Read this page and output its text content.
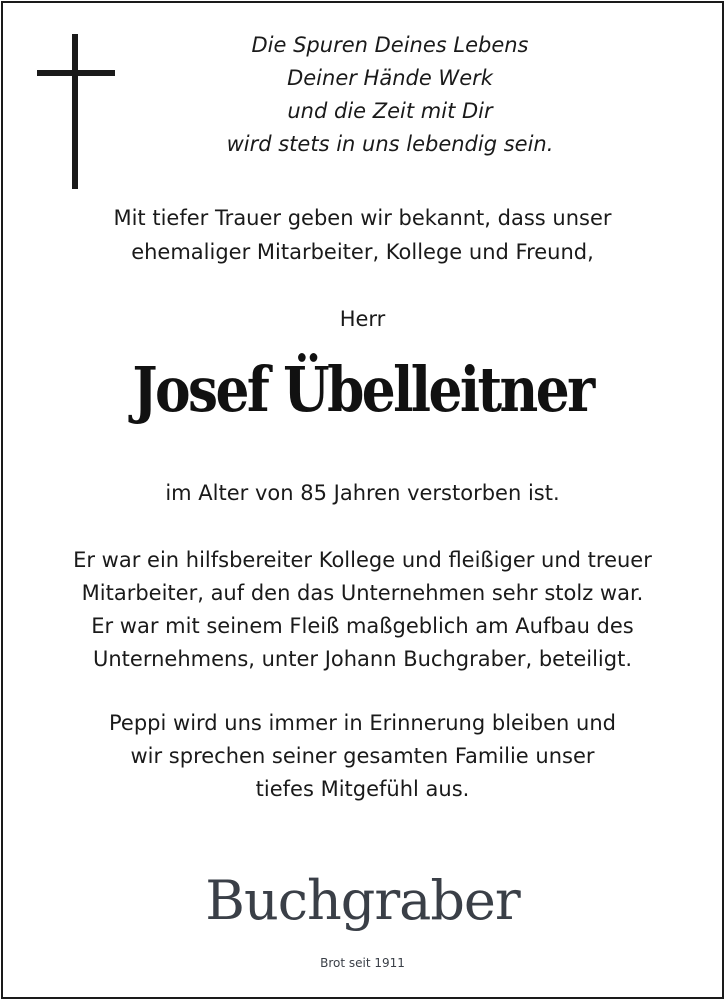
Die Spuren Deines Lebens
Deiner Hände Werk
und die Zeit mit Dir
wird stets in uns lebendig sein.
Mit tiefer Trauer geben wir bekannt, dass unser
ehemaliger Mitarbeiter, Kollege und Freund,
Herr
Josef Übelleitner
im Alter von 85 Jahren verstorben ist.
Er war ein hilfsbereiter Kollege und fleißiger und treuer
Mitarbeiter, auf den das Unternehmen sehr stolz war.
Er war mit seinem Fleiß maßgeblich am Aufbau des
Unternehmens, unter Johann Buchgraber, beteiligt.
Peppi wird uns immer in Erinnerung bleiben und
wir sprechen seiner gesamten Familie unser
tiefes Mitgefühl aus.
Buchgraber
Brot seit 1911
